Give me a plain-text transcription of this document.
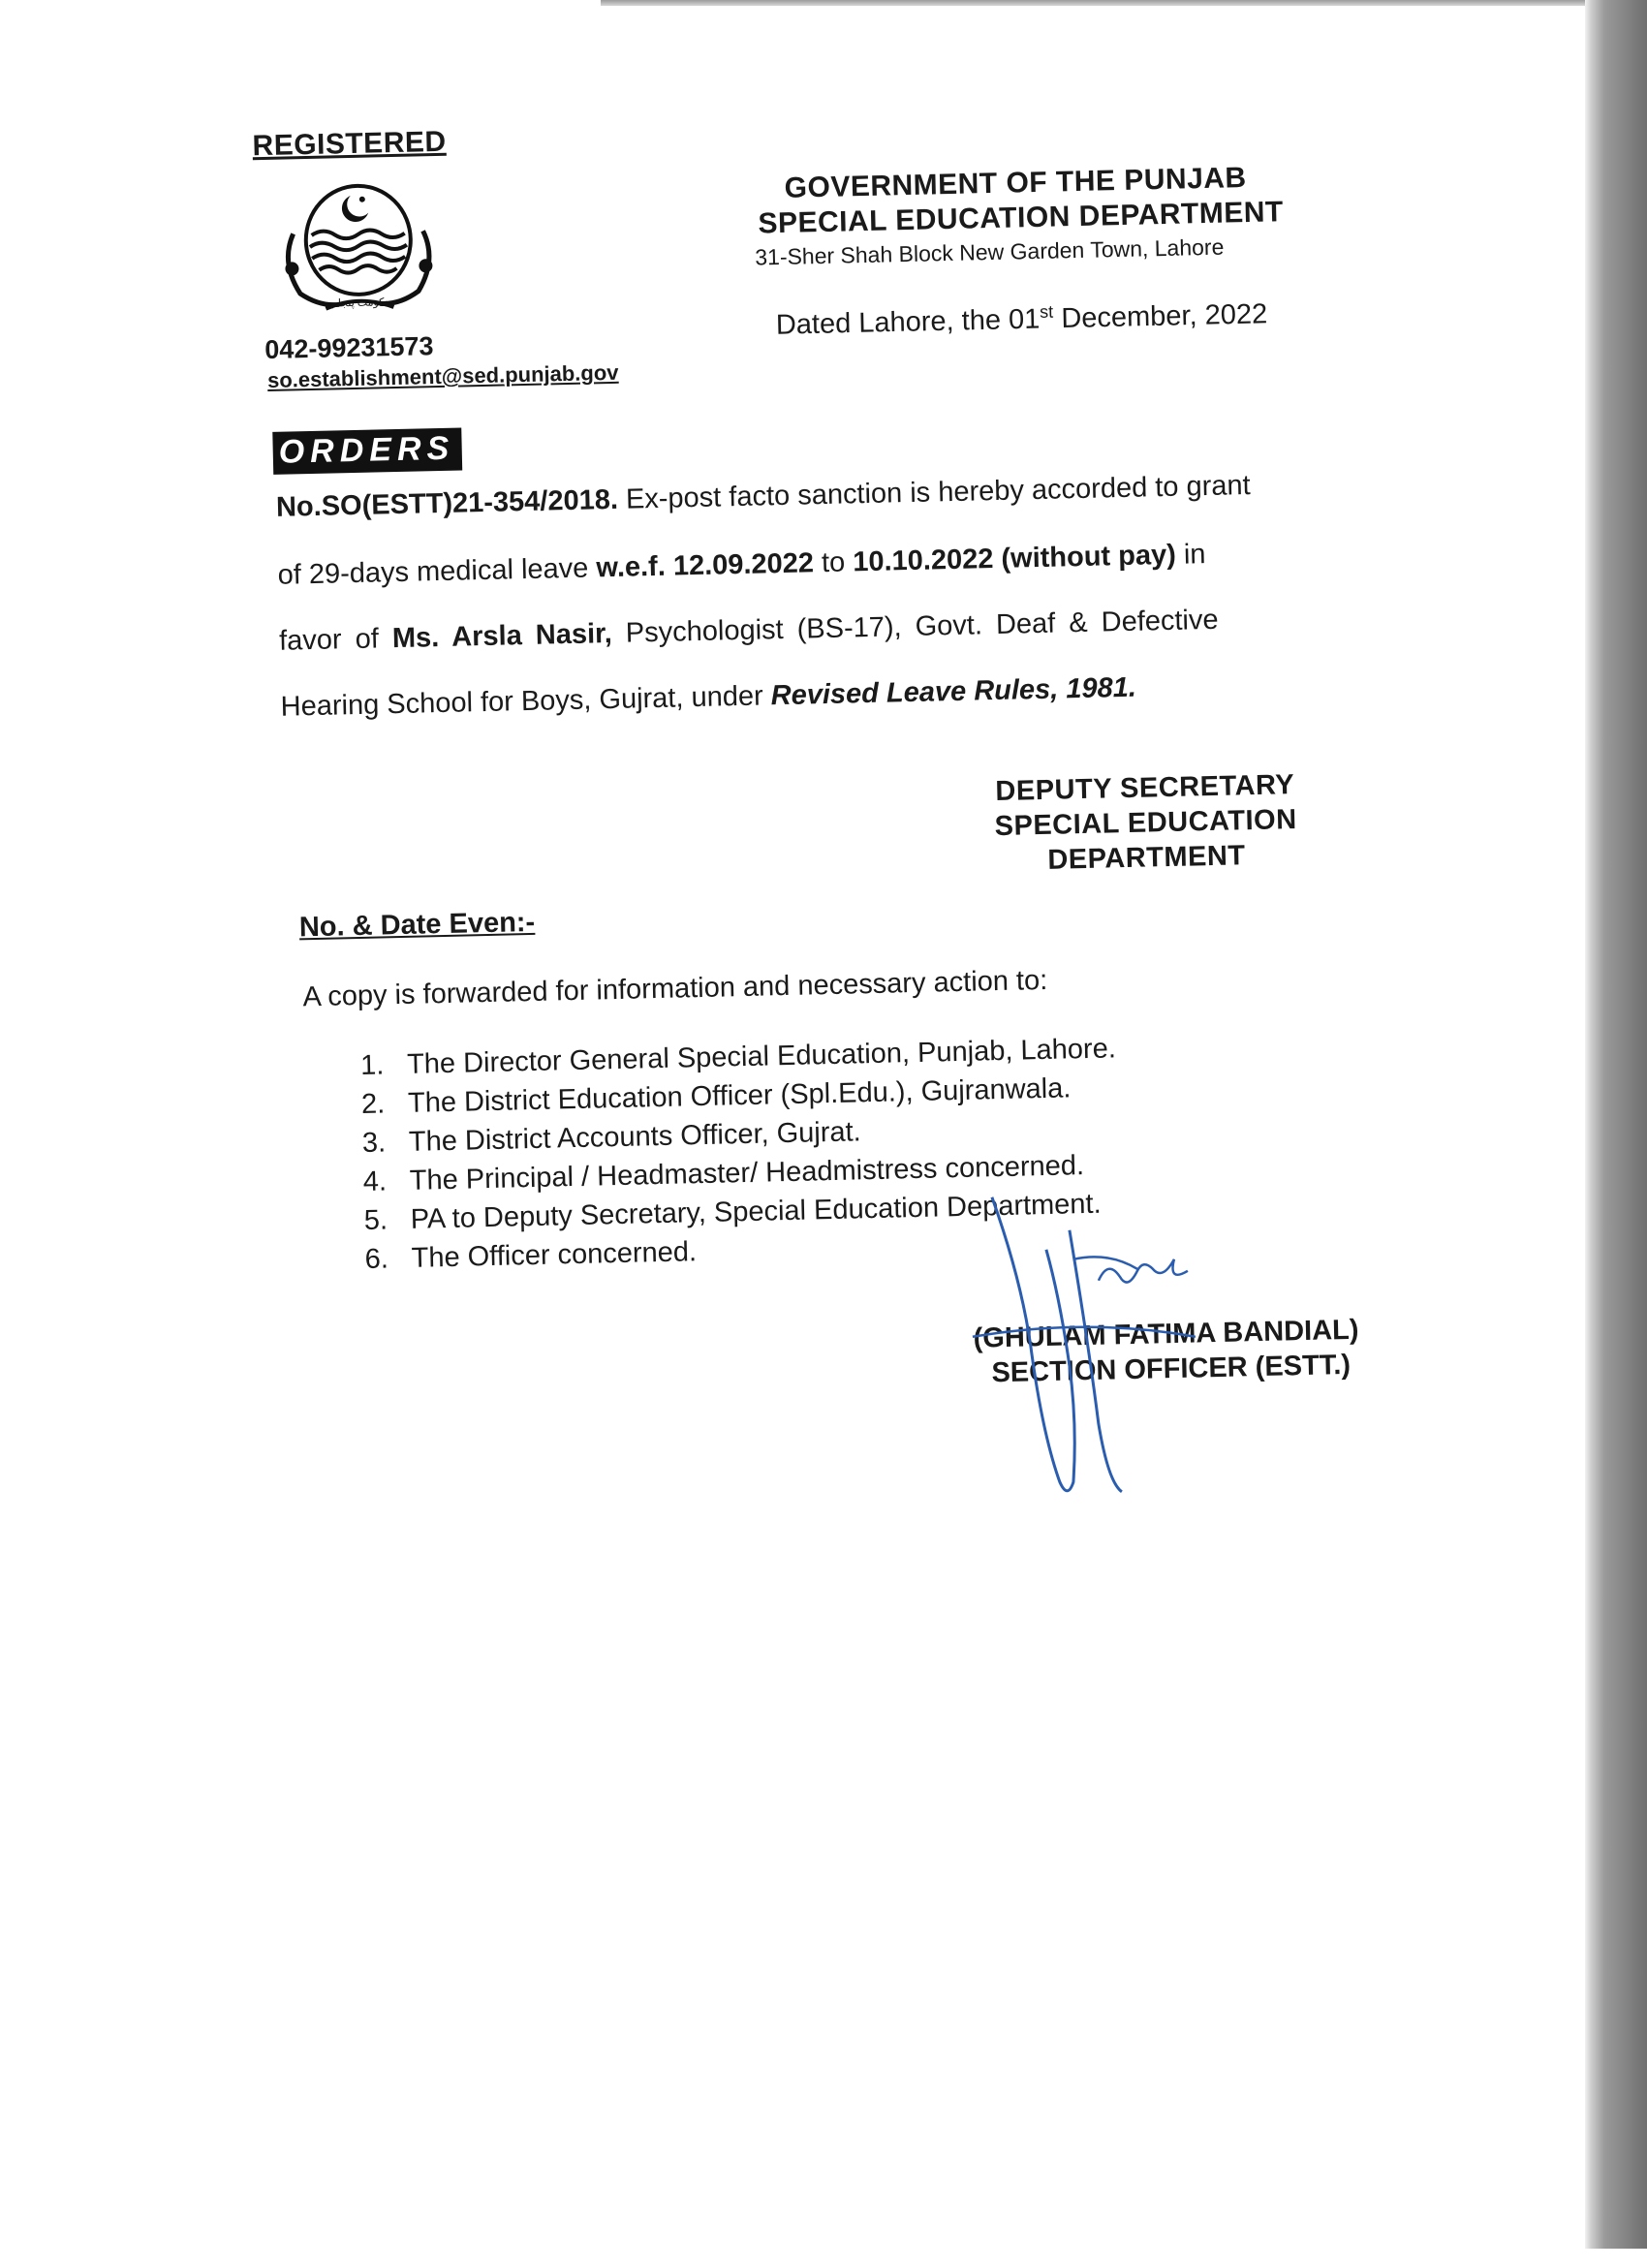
REGISTERED
حکومت پنجاب
042-99231573
so.establishment@sed.punjab.gov
GOVERNMENT OF THE PUNJAB
SPECIAL EDUCATION DEPARTMENT
31-Sher Shah Block New Garden Town, Lahore
Dated Lahore, the 01st December, 2022
ORDERS
No.SO(ESTT)21-354/2018. Ex-post facto sanction is hereby accorded to grant
of 29-days medical leave w.e.f. 12.09.2022 to 10.10.2022 (without pay) in
favor of Ms. Arsla Nasir, Psychologist (BS-17), Govt. Deaf & Defective
Hearing School for Boys, Gujrat, under Revised Leave Rules, 1981.
DEPUTY SECRETARY
SPECIAL EDUCATION
DEPARTMENT
No. & Date Even:-
A copy is forwarded for information and necessary action to:
1. The Director General Special Education, Punjab, Lahore.
2. The District Education Officer (Spl.Edu.), Gujranwala.
3. The District Accounts Officer, Gujrat.
4. The Principal / Headmaster/ Headmistress concerned.
5. PA to Deputy Secretary, Special Education Department.
6. The Officer concerned.
(GHULAM FATIMA BANDIAL)
SECTION OFFICER (ESTT.)
